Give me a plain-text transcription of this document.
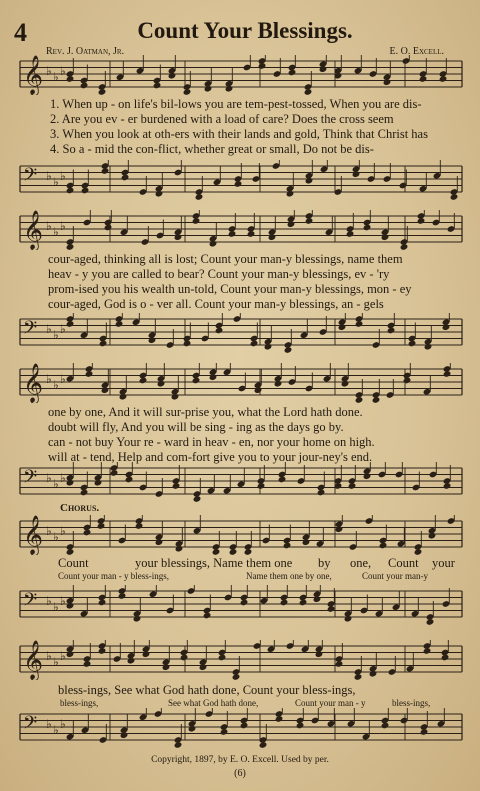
4	Count Your Blessings.
Rev. J. Oatman, Jr.	E. O. Excell.
𝄞 ♭ ♭ ♭
1. When up - on life's bil-lows you are tem-pest-tossed, When you are dis-
2. Are you ev - er burdened with a load of care? Does the cross seem
3. When you look at oth-ers with their lands and gold, Think that Christ has
4. So a - mid the con-flict, whether great or small, Do not be dis-
𝄢 ♭ ♭ ♭
𝄞 ♭ ♭ ♭
cour-aged, thinking all is lost; Count your man-y blessings, name them
heav - y you are called to bear? Count your man-y blessings, ev - 'ry
prom-ised you his wealth un-told, Count your man-y blessings, mon - ey
cour-aged, God is o - ver all. Count your man-y blessings, an - gels
𝄢 ♭ ♭ ♭
𝄞 ♭ ♭ ♭
one by one, And it will sur-prise you, what the Lord hath done.
doubt will fly, And you will be sing - ing as the days go by.
can - not buy Your re - ward in heav - en, nor your home on high.
will at - tend, Help and com-fort give you to your jour-ney's end.
𝄢 ♭ ♭ ♭
Chorus.
𝄞 ♭ ♭ ♭
Count	your blessings, Name them one by one, Count your
Count your man - y bless-ings,	Name them one by one,	Count your man-y
𝄢 ♭ ♭ ♭
𝄞 ♭ ♭ ♭
bless-ings, See what God hath done, Count your bless-ings,
bless-ings,	See what God hath done,	Count your man - y	bless-ings,
𝄢 ♭ ♭ ♭
Copyright, 1897, by E. O. Excell. Used by per.
(6)
